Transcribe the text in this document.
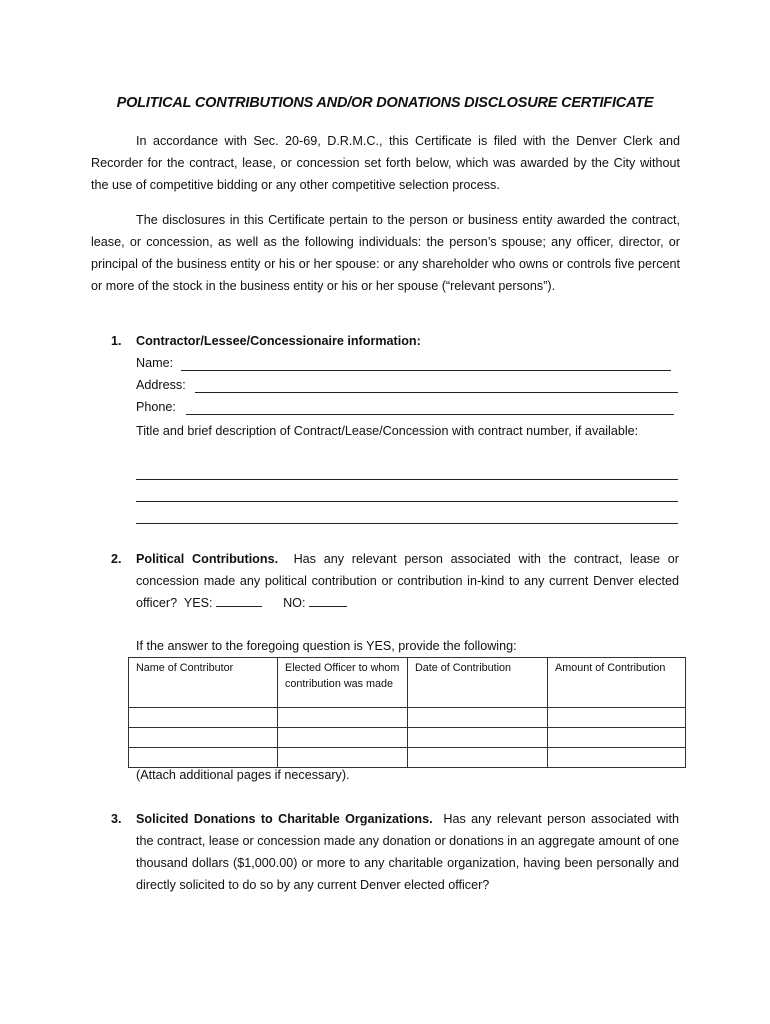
POLITICAL CONTRIBUTIONS AND/OR DONATIONS DISCLOSURE CERTIFICATE
In accordance with Sec. 20-69, D.R.M.C., this Certificate is filed with the Denver Clerk and Recorder for the contract, lease, or concession set forth below, which was awarded by the City without the use of competitive bidding or any other competitive selection process.
The disclosures in this Certificate pertain to the person or business entity awarded the contract, lease, or concession, as well as the following individuals: the person’s spouse; any officer, director, or principal of the business entity or his or her spouse: or any shareholder who owns or controls five percent or more of the stock in the business entity or his or her spouse (“relevant persons”).
1. Contractor/Lessee/Concessionaire information:
Name:
Address:
Phone:
Title and brief description of Contract/Lease/Concession with contract number, if available:
2. Political Contributions. Has any relevant person associated with the contract, lease or concession made any political contribution or contribution in-kind to any current Denver elected officer? YES:	NO:
If the answer to the foregoing question is YES, provide the following:
Name of Contributor	Elected Officer to whom contribution was made	Date of Contribution	Amount of Contribution

(Attach additional pages if necessary).
3. Solicited Donations to Charitable Organizations. Has any relevant person associated with the contract, lease or concession made any donation or donations in an aggregate amount of one thousand dollars ($1,000.00) or more to any charitable organization, having been personally and directly solicited to do so by any current Denver elected officer?
